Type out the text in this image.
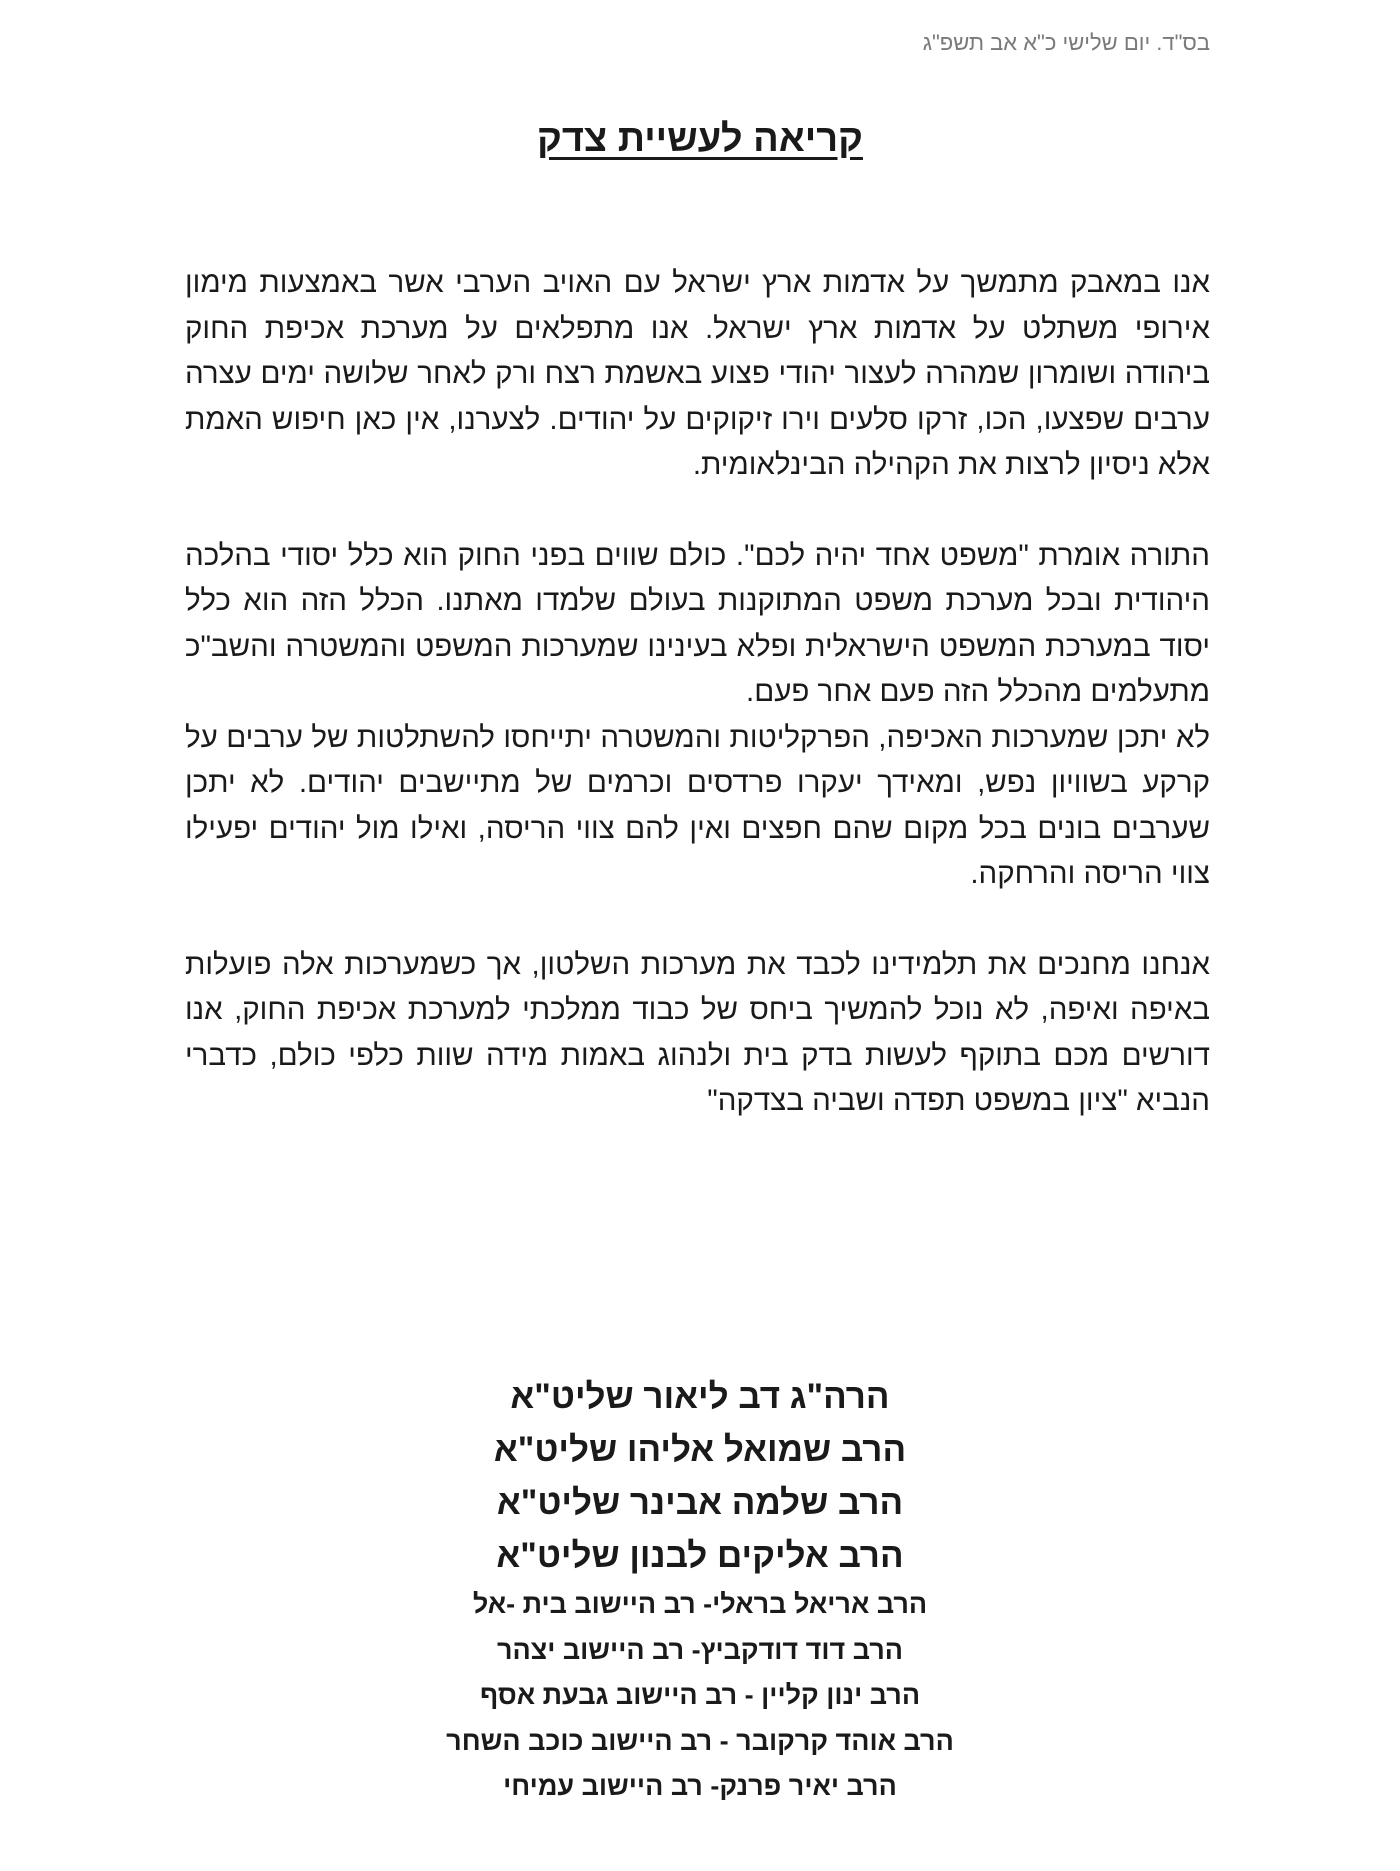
בס"ד. יום שלישי כ"א אב תשפ"ג
קריאה לעשיית צדק

אנו במאבק מתמשך על אדמות ארץ ישראל עם האויב הערבי אשר באמצעות מימון אירופי משתלט על אדמות ארץ ישראל. אנו מתפלאים על מערכת אכיפת החוק ביהודה ושומרון שמהרה לעצור יהודי פצוע באשמת רצח ורק לאחר שלושה ימים עצרה ערבים שפצעו, הכו, זרקו סלעים וירו זיקוקים על יהודים. לצערנו, אין כאן חיפוש האמת אלא ניסיון לרצות את הקהילה הבינלאומית.

התורה אומרת "משפט אחד יהיה לכם". כולם שווים בפני החוק הוא כלל יסודי בהלכה היהודית ובכל מערכת משפט המתוקנות בעולם שלמדו מאתנו. הכלל הזה הוא כלל יסוד במערכת המשפט הישראלית ופלא בעינינו שמערכות המשפט והמשטרה והשב"כ מתעלמים מהכלל הזה פעם אחר פעם.

לא יתכן שמערכות האכיפה, הפרקליטות והמשטרה יתייחסו להשתלטות של ערבים על קרקע בשוויון נפש, ומאידך יעקרו פרדסים וכרמים של מתיישבים יהודים. לא יתכן שערבים בונים בכל מקום שהם חפצים ואין להם צווי הריסה, ואילו מול יהודים יפעילו צווי הריסה והרחקה.

אנחנו מחנכים את תלמידינו לכבד את מערכות השלטון, אך כשמערכות אלה פועלות באיפה ואיפה, לא נוכל להמשיך ביחס של כבוד ממלכתי למערכת אכיפת החוק, אנו דורשים מכם בתוקף לעשות בדק בית ולנהוג באמות מידה שוות כלפי כולם, כדברי הנביא "ציון במשפט תפדה ושביה בצדקה"

הרה"ג דב ליאור שליט"א
הרב שמואל אליהו שליט"א
הרב שלמה אבינר שליט"א
הרב אליקים לבנון שליט"א
הרב אריאל בראלי- רב היישוב בית -אל
הרב דוד דודקביץ- רב היישוב יצהר
הרב ינון קליין - רב היישוב גבעת אסף
הרב אוהד קרקובר - רב היישוב כוכב השחר
הרב יאיר פרנק- רב היישוב עמיחי
